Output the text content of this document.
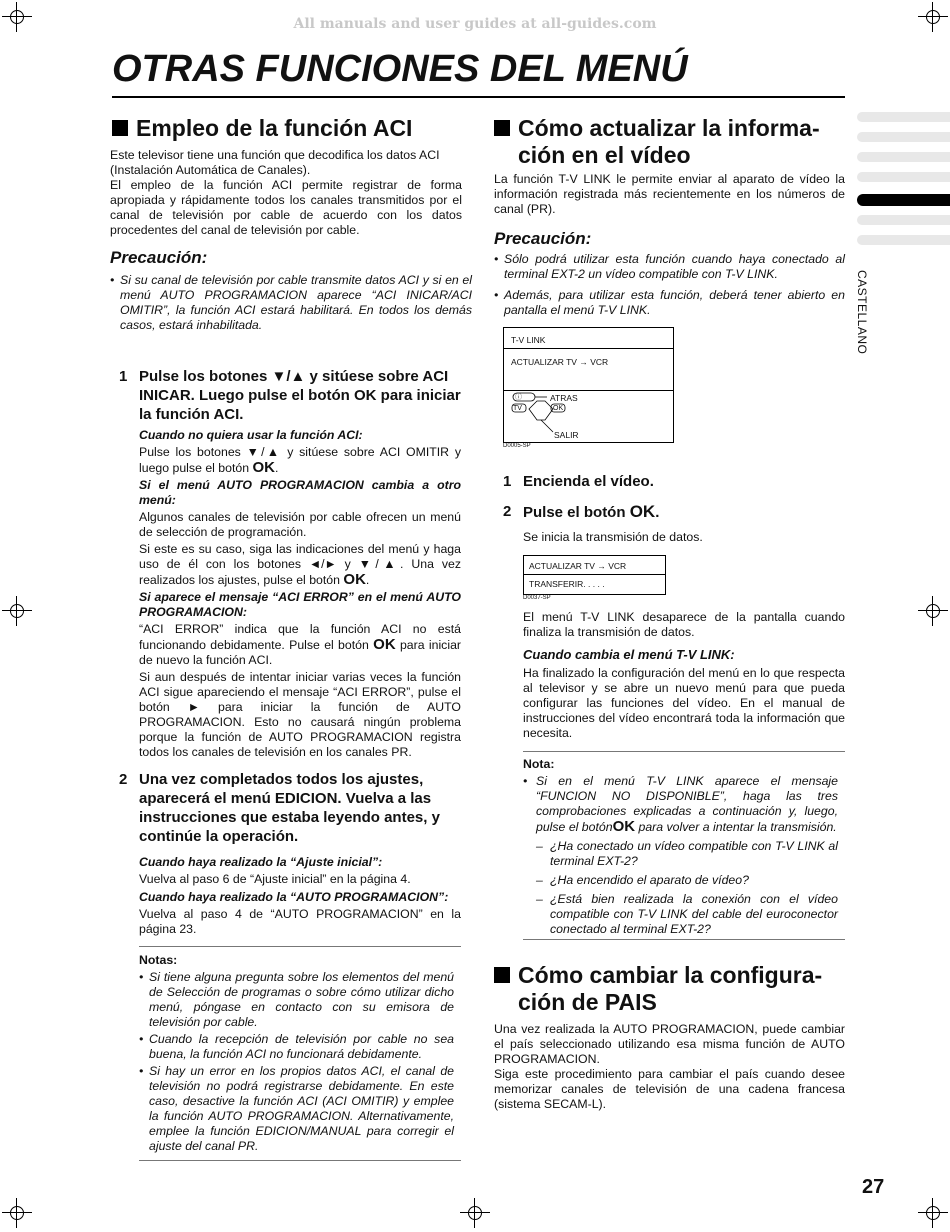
All manuals and user guides at all-guides.com
OTRAS FUNCIONES DEL MENÚ
CASTELLANO
Empleo de la función ACI
Este televisor tiene una función que decodifica los datos ACI (Instalación Automática de Canales).
El empleo de la función ACI permite registrar de forma apropiada y rápidamente todos los canales transmitidos por el canal de televisión por cable de acuerdo con los datos procedentes del canal de televisión por cable.
Precaución:
• Si su canal de televisión por cable transmite datos ACI y si en el menú AUTO PROGRAMACION aparece “ACI INICAR/ACI OMITIR”, la función ACI estará habilitará. En todos los demás casos, estará inhabilitada.
1 Pulse los botones ▼/▲ y sitúese sobre ACI INICAR. Luego pulse el botón OK para iniciar la función ACI.
Cuando no quiera usar la función ACI:
Pulse los botones ▼/▲ y sitúese sobre ACI OMITIR y luego pulse el botón OK.
Si el menú AUTO PROGRAMACION cambia a otro menú:
Algunos canales de televisión por cable ofrecen un menú de selección de programación.
Si este es su caso, siga las indicaciones del menú y haga uso de él con los botones ◄/► y ▼/▲. Una vez realizados los ajustes, pulse el botón OK.
Si aparece el mensaje “ACI ERROR” en el menú AUTO PROGRAMACION:
“ACI ERROR” indica que la función ACI no está funcionando debidamente. Pulse el botón OK para iniciar de nuevo la función ACI.
Si aun después de intentar iniciar varias veces la función ACI sigue apareciendo el mensaje “ACI ERROR”, pulse el botón ► para iniciar la función de AUTO PROGRAMACION. Esto no causará ningún problema porque la función de AUTO PROGRAMACION registra todos los canales de televisión en los canales PR.
2 Una vez completados todos los ajustes, aparecerá el menú EDICION. Vuelva a las instrucciones que estaba leyendo antes, y continúe la operación.
Cuando haya realizado la “Ajuste inicial”:
Vuelva al paso 6 de “Ajuste inicial” en la página 4.
Cuando haya realizado la “AUTO PROGRAMACION”:
Vuelva al paso 4 de “AUTO PROGRAMACION” en la página 23.
Notas:
• Si tiene alguna pregunta sobre los elementos del menú de Selección de programas o sobre cómo utilizar dicho menú, póngase en contacto con su emisora de televisión por cable.
• Cuando la recepción de televisión por cable no sea buena, la función ACI no funcionará debidamente.
• Si hay un error en los propios datos ACI, el canal de televisión no podrá registrarse debidamente. En este caso, desactive la función ACI (ACI OMITIR) y emplee la función AUTO PROGRAMACION. Alternativamente, emplee la función EDICION/MANUAL para corregir el ajuste del canal PR.
Cómo actualizar la informa-
ción en el vídeo
La función T-V LINK le permite enviar al aparato de vídeo la información registrada más recientemente en los números de canal (PR).
Precaución:
• Sólo podrá utilizar esta función cuando haya conectado al terminal EXT-2 un vídeo compatible con T-V LINK.
• Además, para utilizar esta función, deberá tener abierto en pantalla el menú T-V LINK.
T-V LINK
ACTUALIZAR TV → VCR
ⓘ
TV	OK
ATRAS
SALIR
D0005-SP
1 Encienda el vídeo.
2 Pulse el botón OK.
Se inicia la transmisión de datos.
ACTUALIZAR TV → VCR
TRANSFERIR. . . . .
D0037-SP
El menú T-V LINK desaparece de la pantalla cuando finaliza la transmisión de datos.
Cuando cambia el menú T-V LINK:
Ha finalizado la configuración del menú en lo que respecta al televisor y se abre un nuevo menú para que pueda configurar las funciones del vídeo. En el manual de instrucciones del vídeo encontrará toda la información que necesita.
Nota:
• Si en el menú T-V LINK aparece el mensaje “FUNCION NO DISPONIBLE”, haga las tres comprobaciones explicadas a continuación y, luego, pulse el botónOK para volver a intentar la transmisión.
– ¿Ha conectado un vídeo compatible con T-V LINK al terminal EXT-2?
– ¿Ha encendido el aparato de vídeo?
– ¿Está bien realizada la conexión con el vídeo compatible con T-V LINK del cable del euroconector conectado al terminal EXT-2?
Cómo cambiar la configura-
ción de PAIS
Una vez realizada la AUTO PROGRAMACION, puede cambiar el país seleccionado utilizando esa misma función de AUTO PROGRAMACION.
Siga este procedimiento para cambiar el país cuando desee memorizar canales de televisión de una cadena francesa (sistema SECAM-L).
27
